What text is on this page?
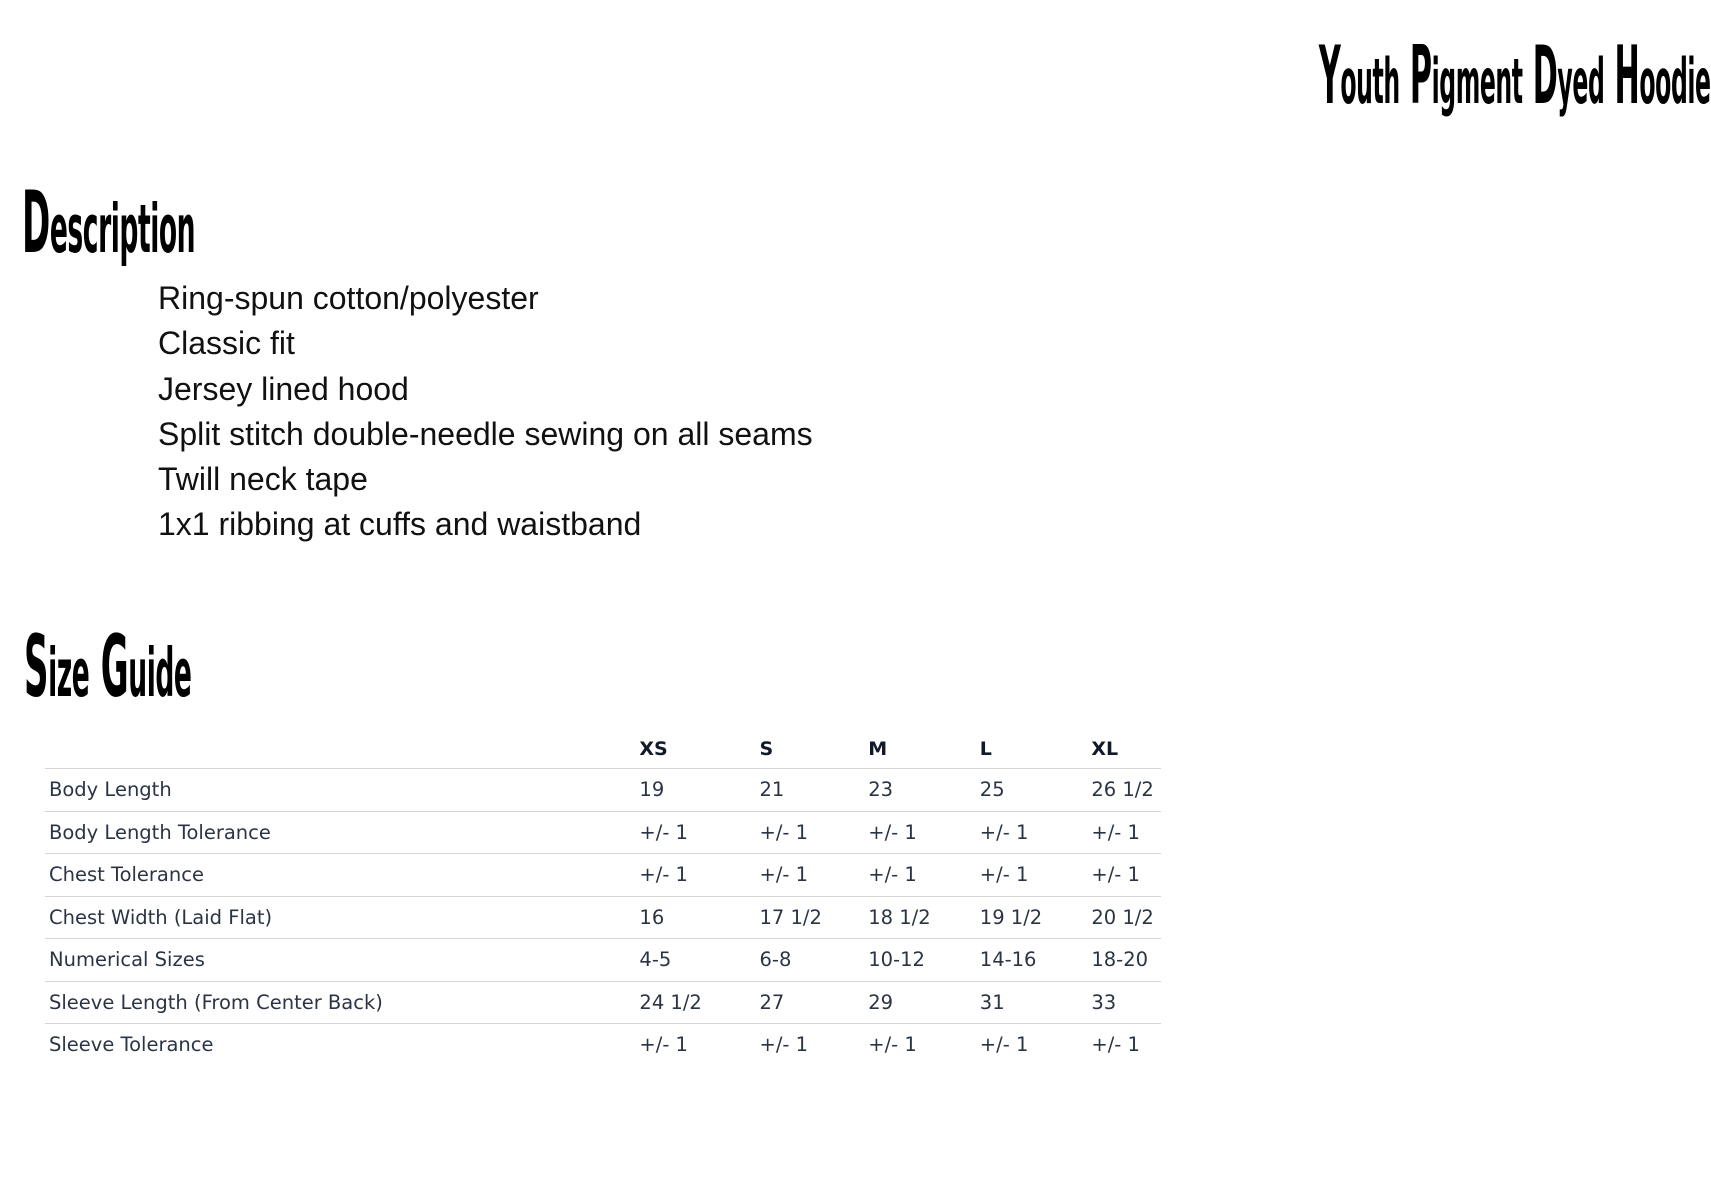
Youth Pigment Dyed Hoodie
Description
Ring-spun cotton/polyester
Classic fit
Jersey lined hood
Split stitch double-needle sewing on all seams
Twill neck tape
1x1 ribbing at cuffs and waistband
Size Guide
	XS	S	M	L	XL
Body Length	19	21	23	25	26 1/2
Body Length Tolerance	+/- 1	+/- 1	+/- 1	+/- 1	+/- 1
Chest Tolerance	+/- 1	+/- 1	+/- 1	+/- 1	+/- 1
Chest Width (Laid Flat)	16	17 1/2	18 1/2	19 1/2	20 1/2
Numerical Sizes	4-5	6-8	10-12	14-16	18-20
Sleeve Length (From Center Back)	24 1/2	27	29	31	33
Sleeve Tolerance	+/- 1	+/- 1	+/- 1	+/- 1	+/- 1
